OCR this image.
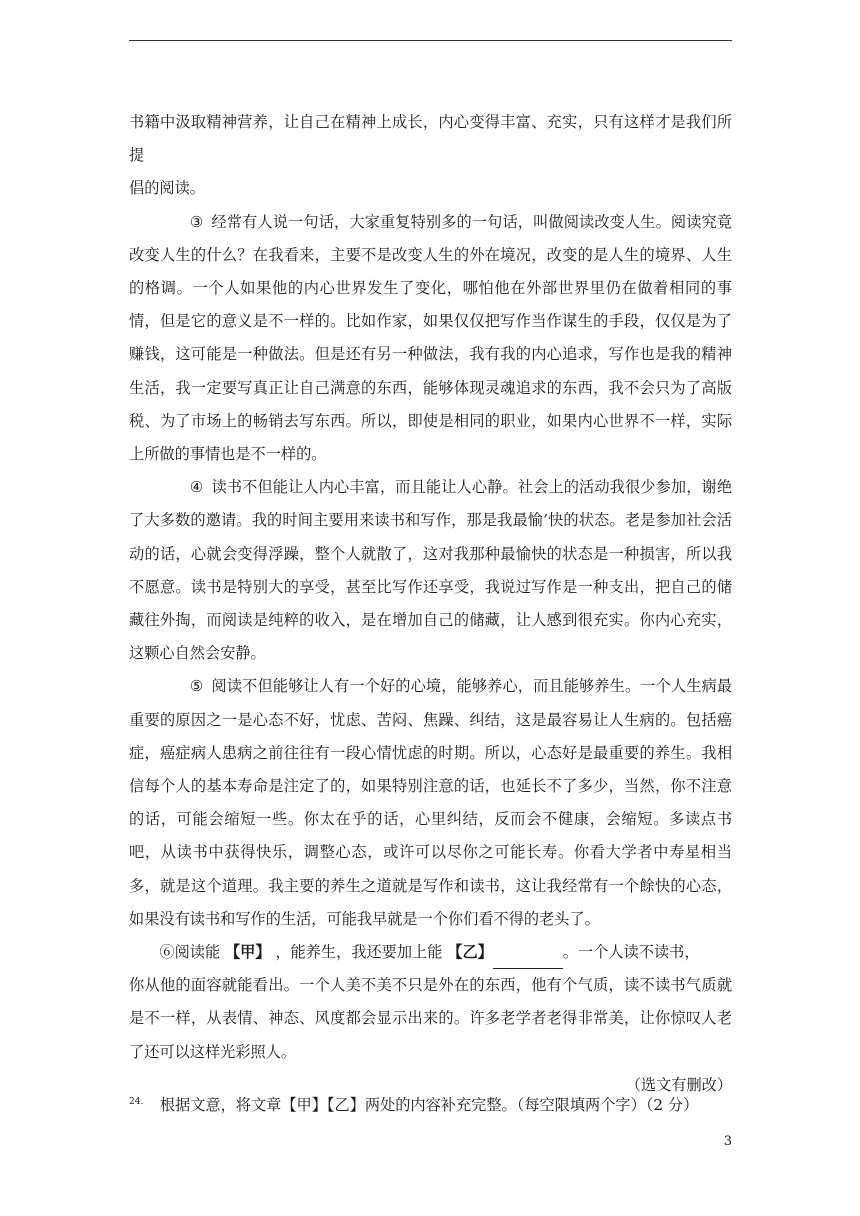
书籍中汲取精神营养，让自己在精神上成长，内心变得丰富、充实，只有这样才是我们所提
倡的阅读。

③ 经常有人说一句话，大家重复特别多的一句话，叫做阅读改变人生。阅读究竟改变人生的什么？在我看来，主要不是改变人生的外在境况，改变的是人生的境界、人生的格调。一个人如果他的内心世界发生了变化，哪怕他在外部世界里仍在做着相同的事情，但是它的意义是不一样的。比如作家，如果仅仅把写作当作谋生的手段，仅仅是为了赚钱，这可能是一种做法。但是还有另一种做法，我有我的内心追求，写作也是我的精神生活，我一定要写真正让自己满意的东西，能够体现灵魂追求的东西，我不会只为了高版税、为了市场上的畅销去写东西。所以，即使是相同的职业，如果内心世界不一样，实际上所做的事情也是不一样的。

④ 读书不但能让人内心丰富，而且能让人心静。社会上的活动我很少参加，谢绝了大多数的邀请。我的时间主要用来读书和写作，那是我最愉’快的状态。老是参加社会活动的话，心就会变得浮躁，整个人就散了，这对我那种最愉快的状态是一种损害，所以我不愿意。读书是特别大的享受，甚至比写作还享受，我说过写作是一种支出，把自己的储藏往外掏，而阅读是纯粹的收入，是在增加自己的储藏，让人感到很充实。你内心充实，这颗心自然会安静。

⑤ 阅读不但能够让人有一个好的心境，能够养心，而且能够养生。一个人生病最重要的原因之一是心态不好，忧虑、苦闷、焦躁、纠结，这是最容易让人生病的。包括癌症，癌症病人患病之前往往有一段心情忧虑的时期。所以，心态好是最重要的养生。我相信每个人的基本寿命是注定了的，如果特别注意的话，也延长不了多少，当然，你不注意的话，可能会缩短一些。你太在乎的话，心里纠结，反而会不健康，会缩短。多读点书吧，从读书中获得快乐，调整心态，或许可以尽你之可能长寿。你看大学者中寿星相当多，就是这个道理。我主要的养生之道就是写作和读书，这让我经常有一个餘快的心态，如果没有读书和写作的生活，可能我早就是一个你们看不得的老头了。

⑥阅读能 【甲】 ，能养生，我还要加上能 【乙】	。一个人读不读书，
你从他的面容就能看出。一个人美不美不只是外在的东西，他有个气质，读不读书气质就是不一样，从表情、神态、风度都会显示出来的。许多老学者老得非常美，让你惊叹人老了还可以这样光彩照人。

（选文有删改）

$^{24.}$ 根据文意，将文章【甲】【乙】两处的内容补充完整。（每空限填两个字）（2 分）
3
